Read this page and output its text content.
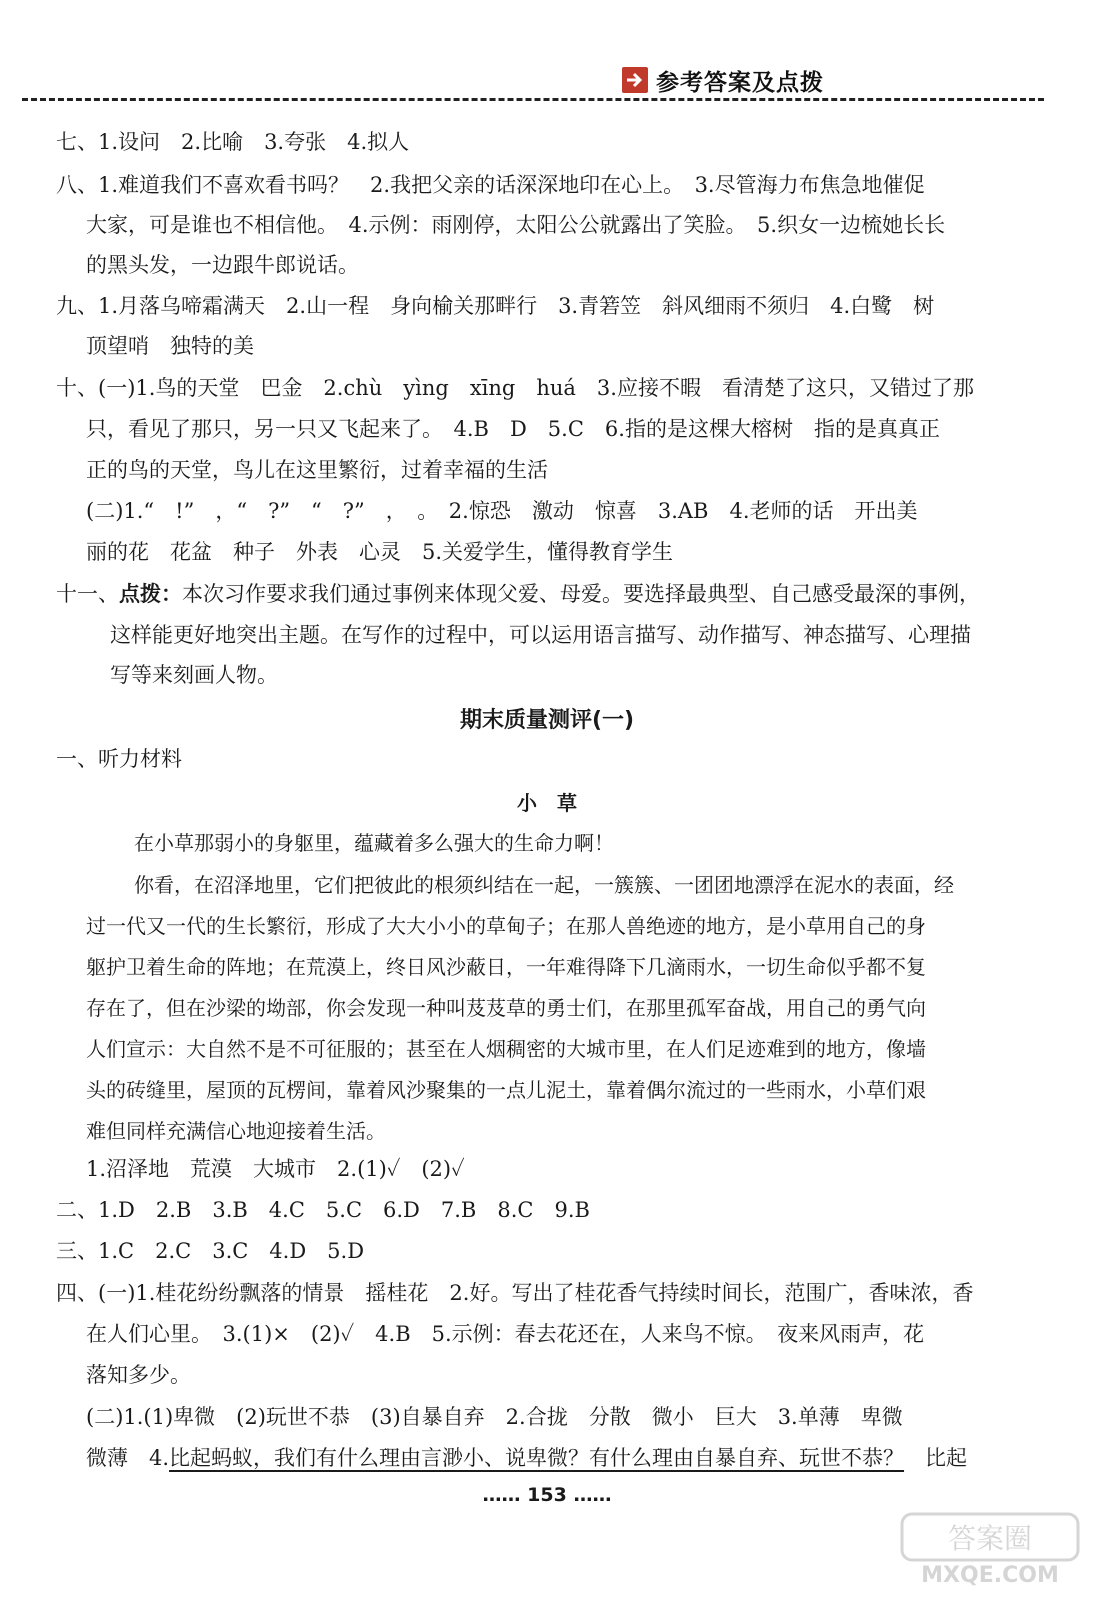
参考答案及点拨
七、1.设问　2.比喻　3.夸张　4.拟人
八、1.难道我们不喜欢看书吗？　2.我把父亲的话深深地印在心上。　3.尽管海力布焦急地催促
大家，可是谁也不相信他。　4.示例：雨刚停，太阳公公就露出了笑脸。　5.织女一边梳她长长
的黑头发，一边跟牛郎说话。
九、1.月落乌啼霜满天　2.山一程　身向榆关那畔行　3.青箬笠　斜风细雨不须归　4.白鹭　树
顶望哨　独特的美
十、(一)1.鸟的天堂　巴金　2.chù　yìng　xīng　huá　3.应接不暇　看清楚了这只，又错过了那
只，看见了那只，另一只又飞起来了。　4.B　D　5.C　6.指的是这棵大榕树　指的是真真正
正的鸟的天堂，鸟儿在这里繁衍，过着幸福的生活
(二)1.“　!”　，“　?”　“　?”　，　。　2.惊恐　激动　惊喜　3.AB　4.老师的话　开出美
丽的花　花盆　种子　外表　心灵　5.关爱学生，懂得教育学生
十一、点拨：本次习作要求我们通过事例来体现父爱、母爱。要选择最典型、自己感受最深的事例，
这样能更好地突出主题。在写作的过程中，可以运用语言描写、动作描写、神态描写、心理描
写等来刻画人物。
期末质量测评(一)
一、听力材料
小　草
在小草那弱小的身躯里，蕴藏着多么强大的生命力啊！
你看，在沼泽地里，它们把彼此的根须纠结在一起，一簇簇、一团团地漂浮在泥水的表面，经
过一代又一代的生长繁衍，形成了大大小小的草甸子；在那人兽绝迹的地方，是小草用自己的身
躯护卫着生命的阵地；在荒漠上，终日风沙蔽日，一年难得降下几滴雨水，一切生命似乎都不复
存在了，但在沙梁的坳部，你会发现一种叫芨芨草的勇士们，在那里孤军奋战，用自己的勇气向
人们宣示：大自然不是不可征服的；甚至在人烟稠密的大城市里，在人们足迹难到的地方，像墙
头的砖缝里，屋顶的瓦楞间，靠着风沙聚集的一点儿泥土，靠着偶尔流过的一些雨水，小草们艰
难但同样充满信心地迎接着生活。
1.沼泽地　荒漠　大城市　2.(1)✓　(2)✓
二、1.D　2.B　3.B　4.C　5.C　6.D　7.B　8.C　9.B
三、1.C　2.C　3.C　4.D　5.D
四、(一)1.桂花纷纷飘落的情景　摇桂花　2.好。写出了桂花香气持续时间长，范围广，香味浓，香
在人们心里。　3.(1)×　(2)✓　4.B　5.示例：春去花还在，人来鸟不惊。　夜来风雨声，花
落知多少。
(二)1.(1)卑微　(2)玩世不恭　(3)自暴自弃　2.合拢　分散　微小　巨大　3.单薄　卑微
微薄　4.比起蚂蚁，我们有什么理由言渺小、说卑微？有什么理由自暴自弃、玩世不恭？　比起
…… 153 ……
答案圈
MXQE.COM
